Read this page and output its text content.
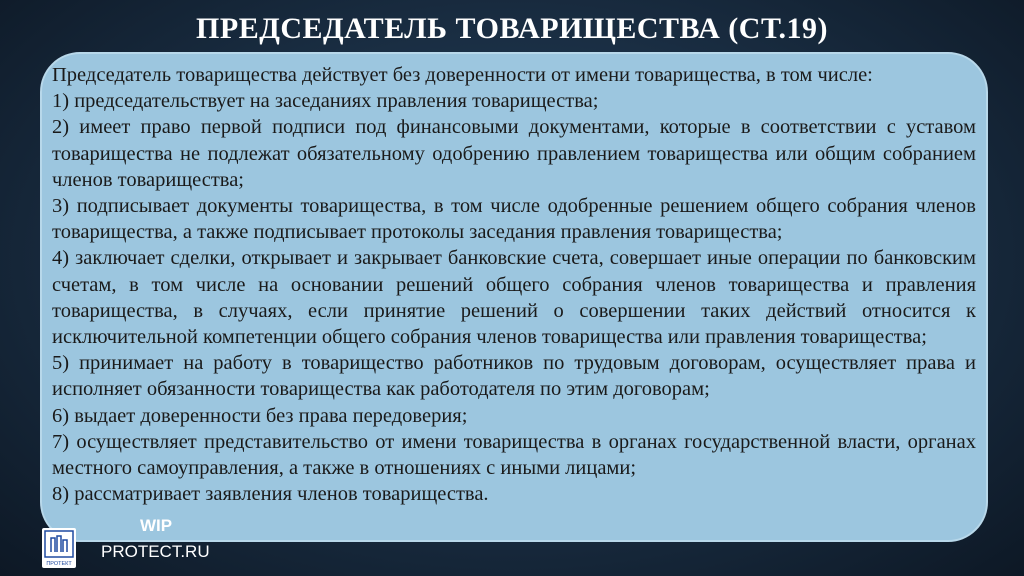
ПРЕДСЕДАТЕЛЬ ТОВАРИЩЕСТВА (СТ.19)

Председатель товарищества действует без доверенности от имени товарищества, в том числе:

1) председательствует на заседаниях правления товарищества;

2) имеет право первой подписи под финансовыми документами, которые в соответствии с уставом товарищества не подлежат обязательному одобрению правлением товарищества или общим собранием членов товарищества;

3) подписывает документы товарищества, в том числе одобренные решением общего собрания членов товарищества, а также подписывает протоколы заседания правления товарищества;

4) заключает сделки, открывает и закрывает банковские счета, совершает иные операции по банковским счетам, в том числе на основании решений общего собрания членов товарищества и правления товарищества, в случаях, если принятие решений о совершении таких действий относится к исключительной компетенции общего собрания членов товарищества или правления товарищества;

5) принимает на работу в товарищество работников по трудовым договорам, осуществляет права и исполняет обязанности товарищества как работодателя по этим договорам;

6) выдает доверенности без права передоверия;

7) осуществляет представительство от имени товарищества в органах государственной власти, органах местного самоуправления, а также в отношениях с иными лицами;

8) рассматривает заявления членов товарищества.

ПРОТЕКТ
WIP
PROTECT.RU
